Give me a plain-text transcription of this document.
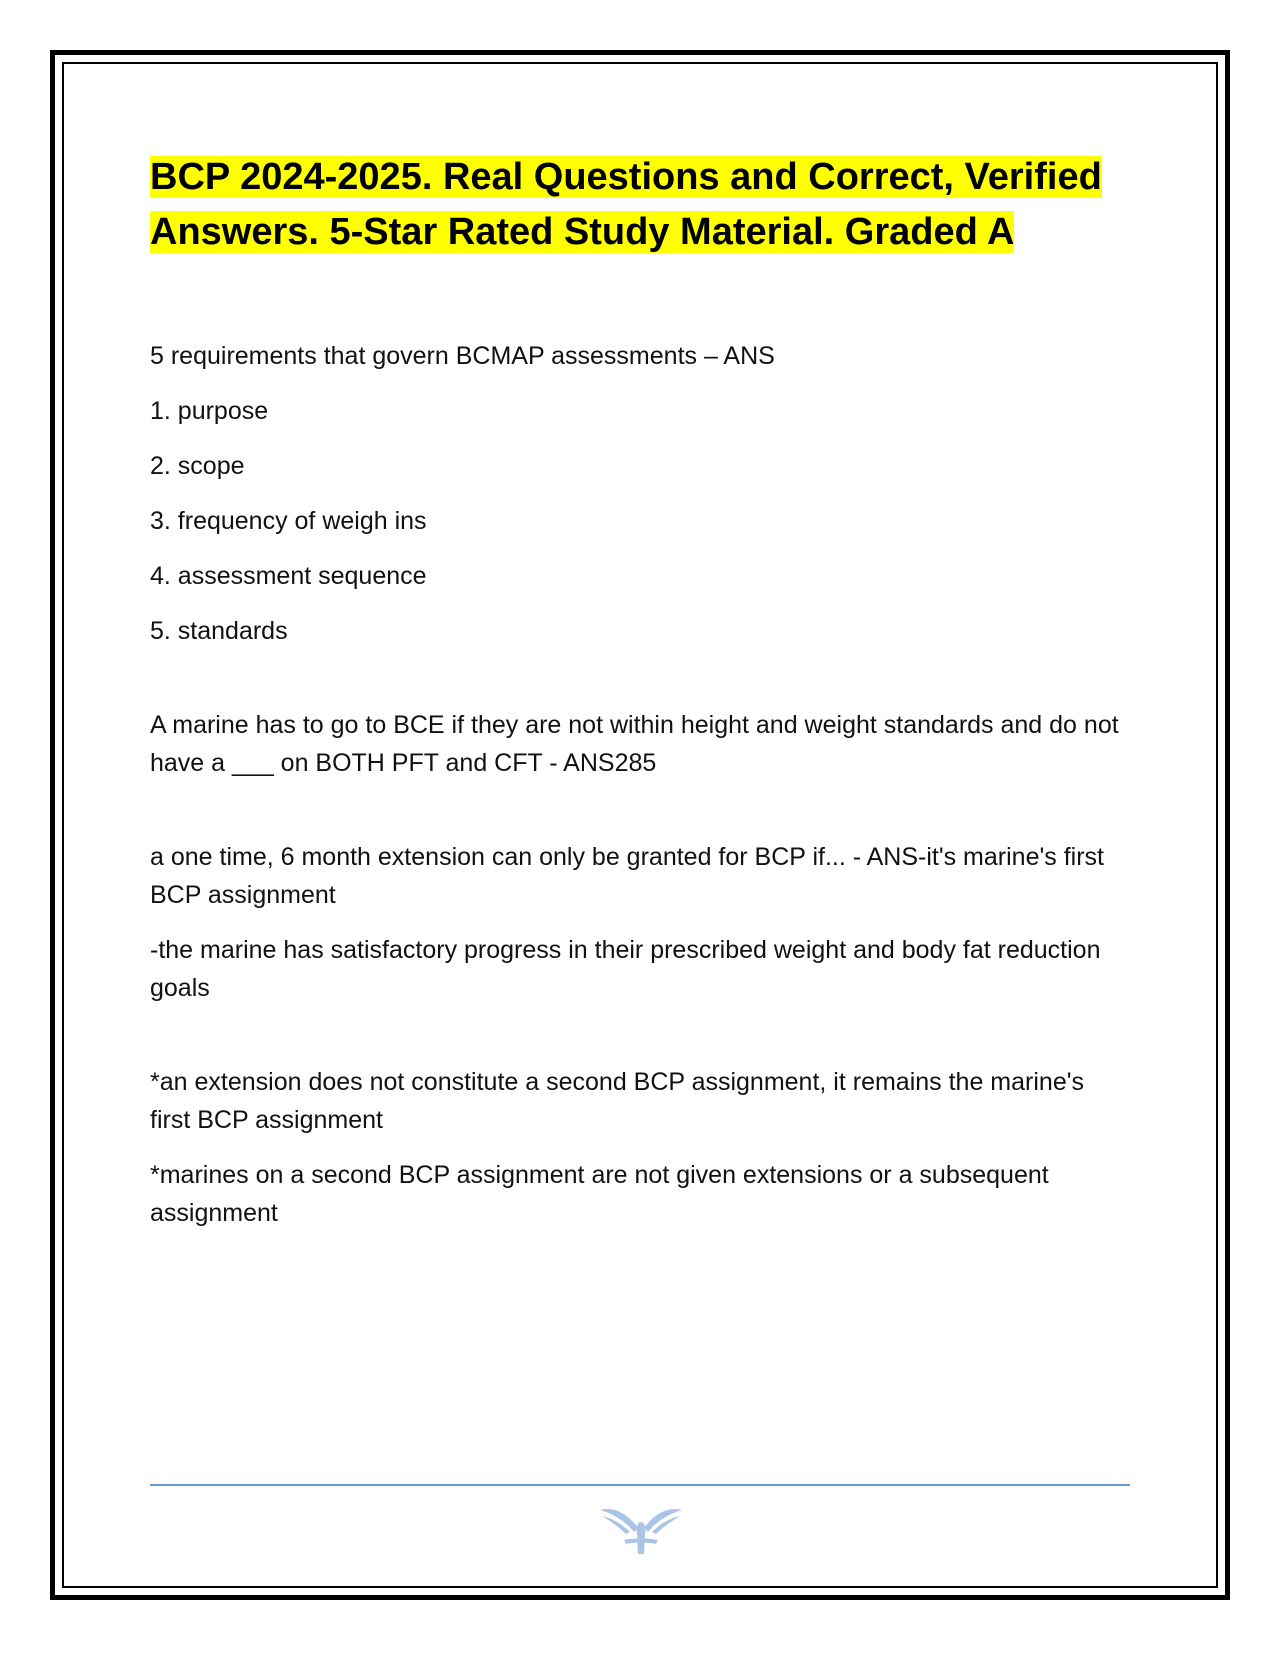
BCP 2024-2025. Real Questions and Correct, Verified Answers. 5-Star Rated Study Material. Graded A

5 requirements that govern BCMAP assessments – ANS

1. purpose

2. scope

3. frequency of weigh ins

4. assessment sequence

5. standards

A marine has to go to BCE if they are not within height and weight standards and do not have a ___ on BOTH PFT and CFT - ANS285

a one time, 6 month extension can only be granted for BCP if... - ANS-it's marine's first BCP assignment

-the marine has satisfactory progress in their prescribed weight and body fat reduction goals

*an extension does not constitute a second BCP assignment, it remains the marine's first BCP assignment

*marines on a second BCP assignment are not given extensions or a subsequent assignment
